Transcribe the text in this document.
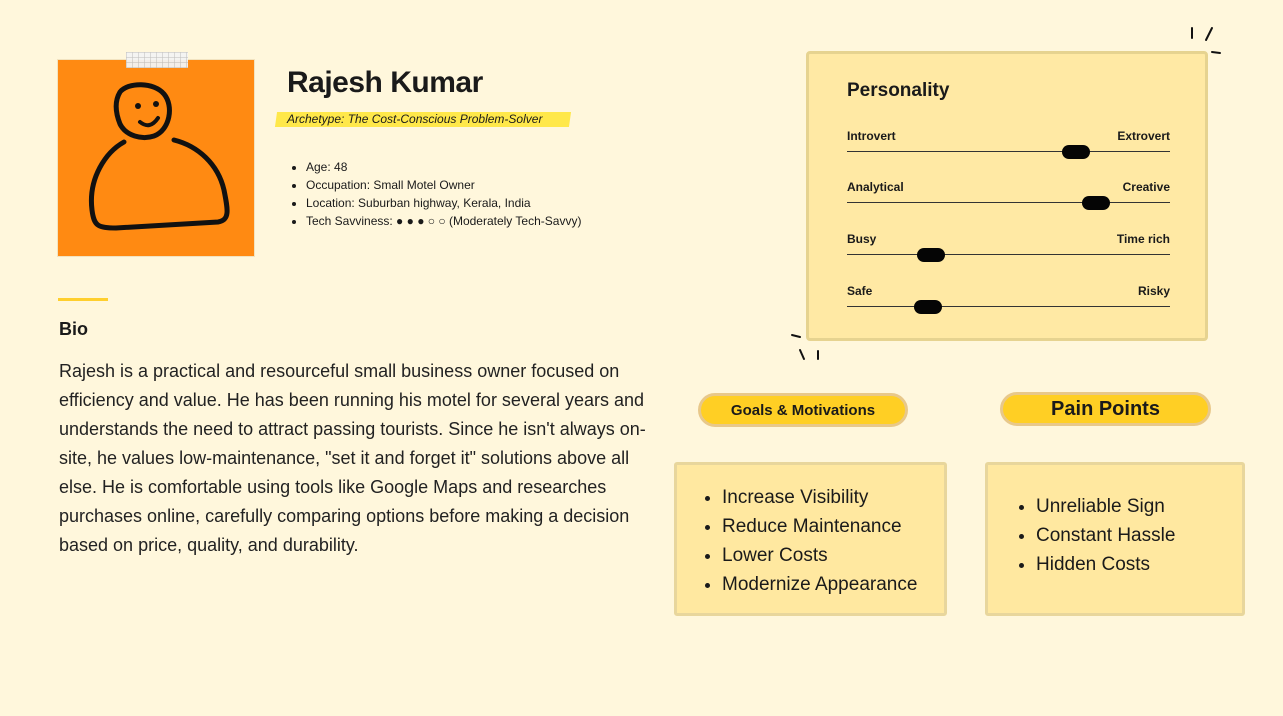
Rajesh Kumar
Archetype: The Cost-Conscious Problem-Solver
• Age: 48
• Occupation: Small Motel Owner
• Location: Suburban highway, Kerala, India
• Tech Savviness: ● ● ● ○ ○ (Moderately Tech-Savvy)
Bio
Rajesh is a practical and resourceful small business owner focused on efficiency and value. He has been running his motel for several years and understands the need to attract passing tourists. Since he isn't always on-site, he values low-maintenance, "set it and forget it" solutions above all else. He is comfortable using tools like Google Maps and researches purchases online, carefully comparing options before making a decision based on price, quality, and durability.
Personality
Introvert	Extrovert
Analytical	Creative
Busy	Time rich
Safe	Risky
Goals & Motivations
• Increase Visibility
• Reduce Maintenance
• Lower Costs
• Modernize Appearance
Pain Points
• Unreliable Sign
• Constant Hassle
• Hidden Costs
